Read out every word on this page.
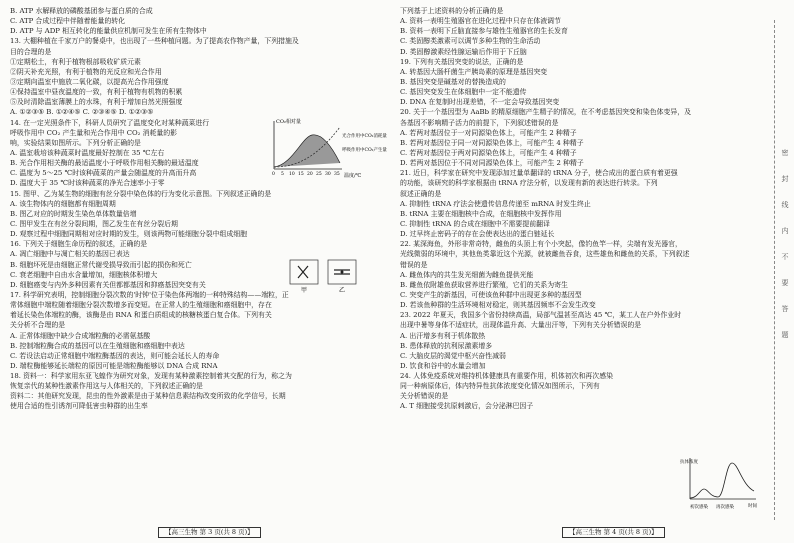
B. ATP 水解释放的磷酸基团参与蛋白质的合成
C. ATP 合成过程中伴随着能量的转化
D. ATP 与 ADP 相互转化的能量供应机制可发生在所有生物体中
13. 大棚种植在千家万户的餐桌中，也出现了一些种植问题。为了提高农作物产量，下列措施及
目的合理的是
①定期松土，有利于植物根部吸收矿质元素
②阴天补充光照，有利于植物的光反应和光合作用
③定期向温室中施放二氧化碳，以提高光合作用强度
④保持温室中昼夜温度的一致，有利于植物有机物的积累
⑤及时清除温室薄膜上的水珠，有利于增加自然光照强度
A. ①②③⑤ B. ①②④⑤ C. ②③④⑤ D. ①②③⑤
14. 在一定光照条件下，科研人员研究了温度变化对某种蔬菜进行
呼吸作用中 CO₂ 产生量和光合作用中 CO₂ 消耗量的影
响，实验结果如图所示。下列分析正确的是
A. 温室栽培该种蔬菜时温度最好控制在 35 ℃左右
B. 光合作用相关酶的最适温度小于呼吸作用相关酶的最适温度
C. 温度为 5～25 ℃时该种蔬菜的产量会随温度的升高而升高
D. 温度大于 35 ℃时该种蔬菜的净光合速率小于零
15. 图甲、乙为某生物的细胞有丝分裂中染色体的行为变化示意图。下列叙述正确的是
A. 该生物体内的细胞都有细胞周期
B. 图乙对应的时期发生染色单体数量倍增
C. 图甲发生在有丝分裂间期，图乙发生在有丝分裂后期
D. 观察过程中细胞同期相对应时期的发生，则该两物可能细胞分裂中组成细胞
16. 下列关于细胞生命历程的叙述，正确的是
A. 凋亡细胞中与凋亡相关的基因已表达
B. 细胞坏死是由细胞正常代谢受损导致而引起的损伤和死亡
C. 衰老细胞中自由水含量增加，细胞核体积增大
D. 细胞癌变与内外多种因素有关但都都基因和抑癌基因突变有关
17. 科学研究表明，控制细胞分裂次数的'时钟'位于染色体两端的一种特殊结构——端粒，正
常体细胞中端粒随着细胞分裂次数增多而变短。在正常人的生殖细胞和癌细胞中，存在
着延长染色体端粒的酶，该酶是由 RNA 和蛋白质组成的核糖核蛋白复合体。下列有关
关分析不合理的是
A. 正常体细胞中缺少合成端粒酶的必需氨基酸
B. 控制端粒酶合成的基因可以在生殖细胞和癌细胞中表达
C. 若设法启动正常细胞中端粒酶基因的表达，则可能会延长人的寿命
D. 端粒酶能够延长端粒的原因可能是端粒酶能够以 DNA 合成 RNA
18. 资料一：科学家用东亚飞蝗作为研究对象，发现有某种激素控制着其交配的行为，称之为
恢复亲代的某种性激素作用这与人体相关的，下列叙述正确的是
资料二：其他研究发现，昆虫的性外激素是由于某种信息素结构改变所致的化学信号，长期
使用合适的性引诱剂可降低害虫种群的出生率
下列基于上述资料的分析正确的是
A. 资料一表明生殖器官在进化过程中只存在体液调节
B. 资料一表明下丘脑直接参与雄性生殖器官的生长发育
C. 类固醇类激素可以调节多种生物的生命活动
D. 类固醇激素经性腺运输后作用于下丘脑
19. 下列有关基因突变的说法，正确的是
A. 转基因大肠杆菌生产胰岛素的原理是基因突变
B. 基因突变是碱基对的替换造成的
C. 基因突变发生在体细胞中一定不能遗传
D. DNA 在复制时出现差错，不一定会导致基因突变
20. 关于一个基因型为 AaBb 的精原细胞产生精子的情况，在不考虑基因突变和染色体变异，及
各基因不影响精子活力的前提下，下列叙述错误的是
A. 若两对基因位于一对同源染色体上，可能产生 2 种精子
B. 若两对基因位于同一对同源染色体上，可能产生 4 种精子
C. 若两对基因位于两对同源染色体上，可能产生 4 种精子
D. 若两对基因位于不同对同源染色体上，可能产生 2 种精子
21. 近日，科学家在研究中发现添加过量单翻译的 tRNA 分子，使合成出的蛋白质有着更强
的功能，该研究的科学家根据由 tRNA 疗法分析，以发现有新的表达进行转录。下列
叙述正确的是
A. 抑制性 tRNA 疗法会使遗传信息传递至 mRNA 时发生终止
B. tRNA 主要在细胞核中合成，在细胞核中发挥作用
C. 抑制性 tRNA 的合成在细胞中不需要提前翻译
D. 过早终止密码子的存在会使表达出的蛋白链延长
22. 某深海鱼，外形非常奇特，雌鱼的头顶上有个小突起，像钓鱼竿一样，尖端有发光器官，
光线微弱的环境中，其他鱼类靠近这个光源，就被雌鱼吞食，这些雄鱼和雌鱼的关系，下列叙述
错误的是
A. 雌鱼体内的共生发光细菌为雌鱼提供光能
B. 雌鱼依附雄鱼获取营养进行繁殖，它们的关系为寄生
C. 突变产生的新基因，可使该鱼种群中出现更多种的基因型
D. 若该鱼种群的生活环境相对稳定，则其基因频率不会发生改变
23. 2022 年夏天，我国多个省份持续高温，局部气温甚至高达 45 ℃，某工人在户外作业时
出现中暑等身体不适症状，出现体温升高、大量出汗等，下列有关分析错误的是
A. 出汗增多有利于机体散热
B. 患体释放的抗利尿激素增多
C. 大脑皮层的渴觉中枢兴奋性减弱
D. 饮食和谷中的水量会增加
24. 人体免疫系统对维持机体健康具有重要作用，机体初次和再次感染
同一种病原体后，体内特异性抗体浓度变化情况如图所示，下列有
关分析错误的是
A. T 细胞接受抗原刺激后，会分泌淋巴因子
CO₂相对量
温度/℃
光合作用中CO₂消耗量
呼吸作用中CO₂产生量
0 5 10 15 20 25 30 35
甲	乙
抗体浓度
时间
初次感染 再次感染
密
封
线
内
不
要
答
题
【高三生物 第 3 页(共 8 页)】	【高三生物 第 4 页(共 8 页)】
